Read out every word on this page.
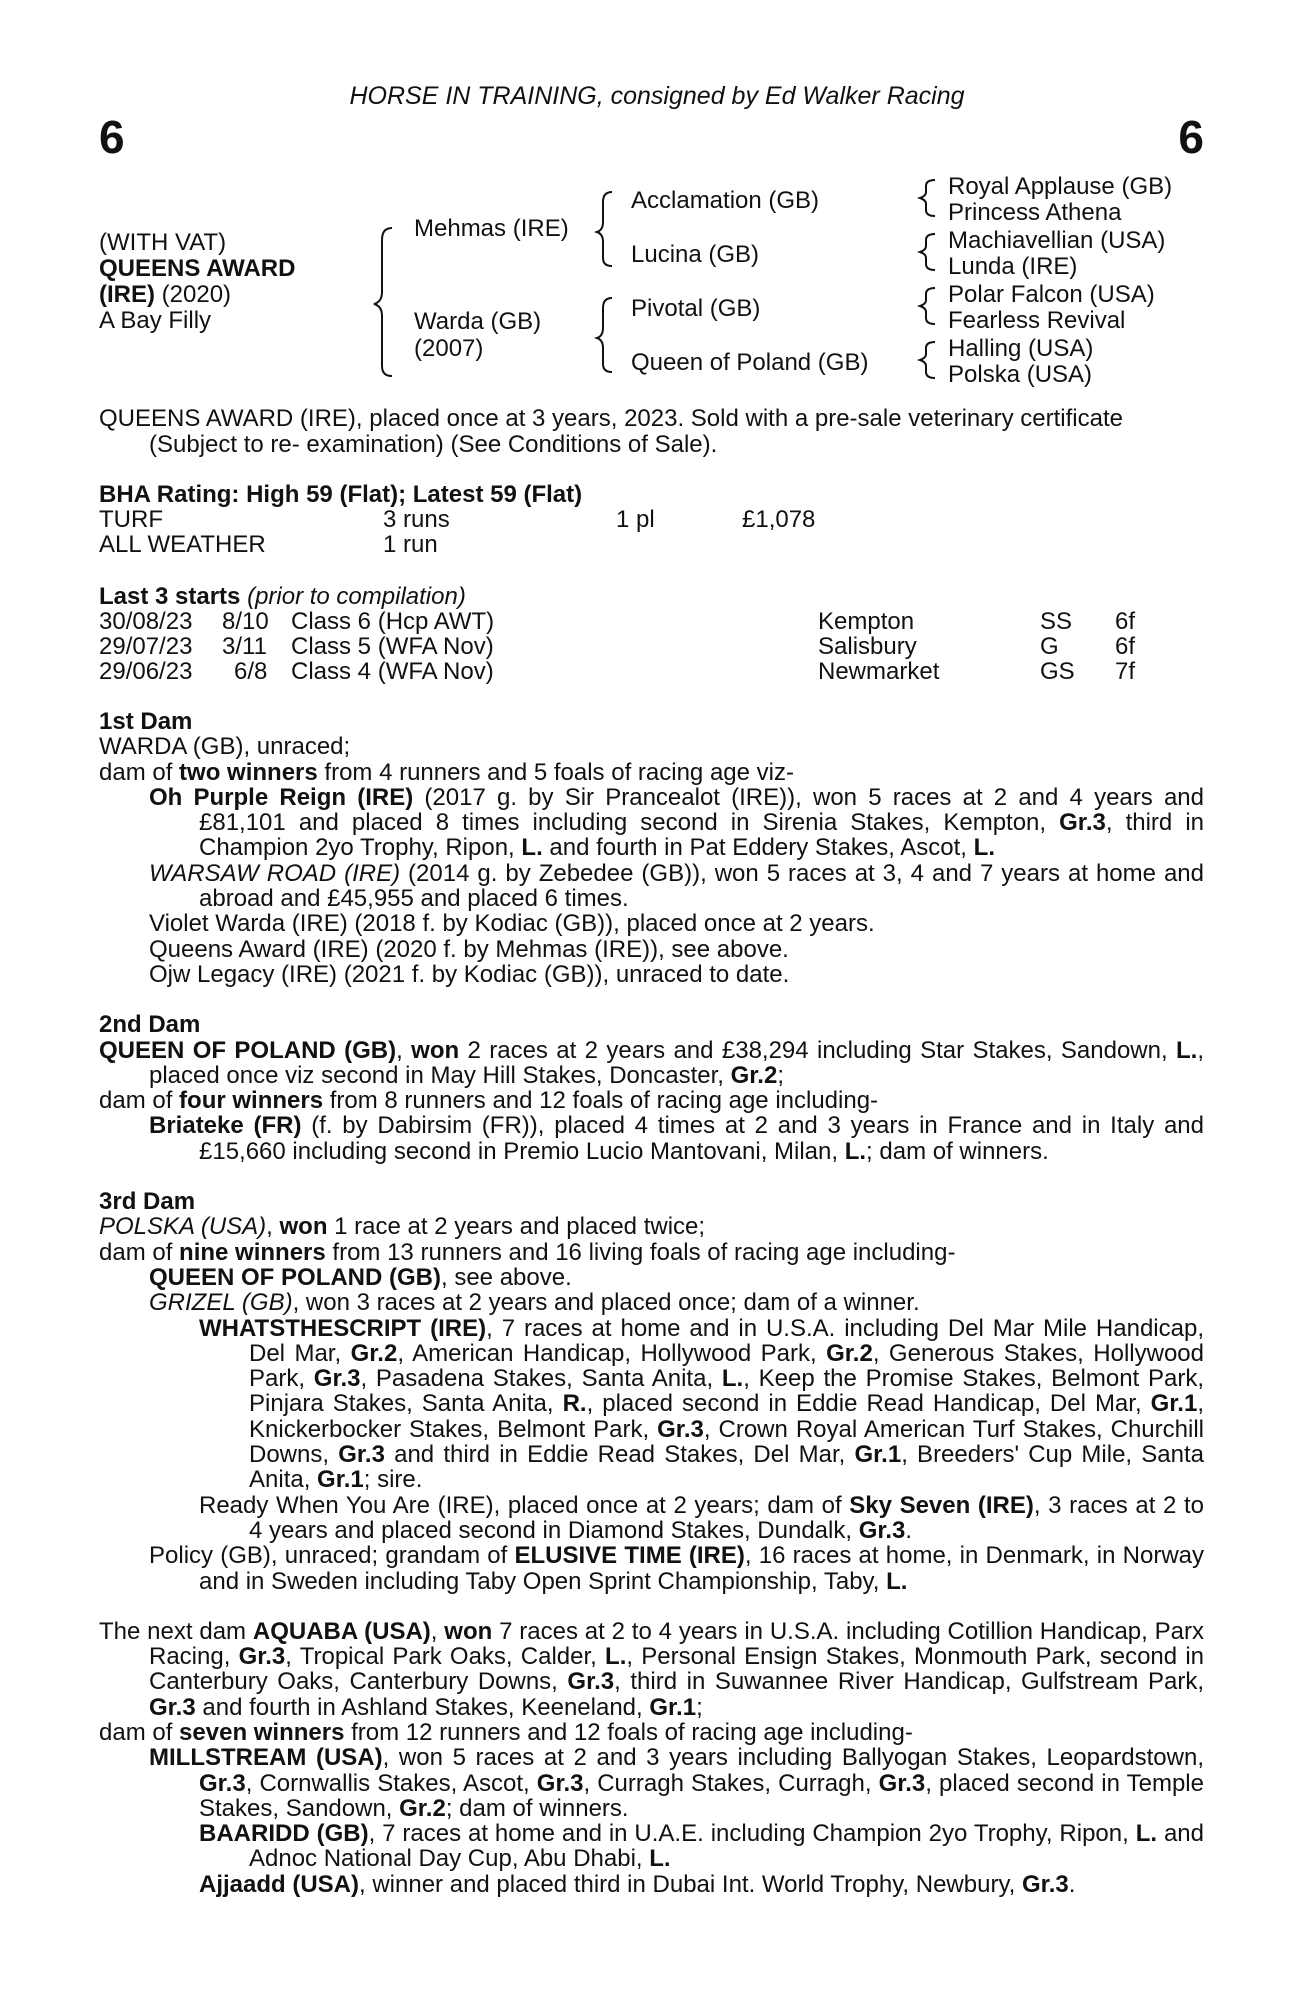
HORSE IN TRAINING, consigned by Ed Walker Racing
6	6
(WITH VAT)
QUEENS AWARD
(IRE) (2020)
A Bay Filly
Mehmas (IRE)
Warda (GB)
(2007)
Acclamation (GB)
Lucina (GB)
Pivotal (GB)
Queen of Poland (GB)
Royal Applause (GB)
Princess Athena
Machiavellian (USA)
Lunda (IRE)
Polar Falcon (USA)
Fearless Revival
Halling (USA)
Polska (USA)
QUEENS AWARD (IRE), placed once at 3 years, 2023. Sold with a pre-sale veterinary certificate
(Subject to re- examination) (See Conditions of Sale).
BHA Rating: High 59 (Flat); Latest 59 (Flat)
TURF	3 runs	1 pl	£1,078
ALL WEATHER	1 run
Last 3 starts (prior to compilation)
30/08/23 8/10 Class 6 (Hcp AWT)	Kempton	SS 6f
29/07/23 3/11 Class 5 (WFA Nov)	Salisbury	G 6f
29/06/23 6/8 Class 4 (WFA Nov)	Newmarket	GS 7f

1st Dam

WARDA (GB), unraced;

dam of two winners from 4 runners and 5 foals of racing age viz-

Oh Purple Reign (IRE) (2017 g. by Sir Prancealot (IRE)), won 5 races at 2 and 4 years and £81,101 and placed 8 times including second in Sirenia Stakes, Kempton, Gr.3, third in Champion 2yo Trophy, Ripon, L. and fourth in Pat Eddery Stakes, Ascot, L.

WARSAW ROAD (IRE) (2014 g. by Zebedee (GB)), won 5 races at 3, 4 and 7 years at home and abroad and £45,955 and placed 6 times.

Violet Warda (IRE) (2018 f. by Kodiac (GB)), placed once at 2 years.

Queens Award (IRE) (2020 f. by Mehmas (IRE)), see above.

Ojw Legacy (IRE) (2021 f. by Kodiac (GB)), unraced to date.

2nd Dam

QUEEN OF POLAND (GB), won 2 races at 2 years and £38,294 including Star Stakes, Sandown, L., placed once viz second in May Hill Stakes, Doncaster, Gr.2;

dam of four winners from 8 runners and 12 foals of racing age including-

Briateke (FR) (f. by Dabirsim (FR)), placed 4 times at 2 and 3 years in France and in Italy and £15,660 including second in Premio Lucio Mantovani, Milan, L.; dam of winners.

3rd Dam

POLSKA (USA), won 1 race at 2 years and placed twice;

dam of nine winners from 13 runners and 16 living foals of racing age including-

QUEEN OF POLAND (GB), see above.

GRIZEL (GB), won 3 races at 2 years and placed once; dam of a winner.

WHATSTHESCRIPT (IRE), 7 races at home and in U.S.A. including Del Mar Mile Handicap, Del Mar, Gr.2, American Handicap, Hollywood Park, Gr.2, Generous Stakes, Hollywood Park, Gr.3, Pasadena Stakes, Santa Anita, L., Keep the Promise Stakes, Belmont Park, Pinjara Stakes, Santa Anita, R., placed second in Eddie Read Handicap, Del Mar, Gr.1, Knickerbocker Stakes, Belmont Park, Gr.3, Crown Royal American Turf Stakes, Churchill Downs, Gr.3 and third in Eddie Read Stakes, Del Mar, Gr.1, Breeders' Cup Mile, Santa Anita, Gr.1; sire.

Ready When You Are (IRE), placed once at 2 years; dam of Sky Seven (IRE), 3 races at 2 to 4 years and placed second in Diamond Stakes, Dundalk, Gr.3.

Policy (GB), unraced; grandam of ELUSIVE TIME (IRE), 16 races at home, in Denmark, in Norway and in Sweden including Taby Open Sprint Championship, Taby, L.

The next dam AQUABA (USA), won 7 races at 2 to 4 years in U.S.A. including Cotillion Handicap, Parx Racing, Gr.3, Tropical Park Oaks, Calder, L., Personal Ensign Stakes, Monmouth Park, second in Canterbury Oaks, Canterbury Downs, Gr.3, third in Suwannee River Handicap, Gulfstream Park, Gr.3 and fourth in Ashland Stakes, Keeneland, Gr.1;

dam of seven winners from 12 runners and 12 foals of racing age including-

MILLSTREAM (USA), won 5 races at 2 and 3 years including Ballyogan Stakes, Leopardstown, Gr.3, Cornwallis Stakes, Ascot, Gr.3, Curragh Stakes, Curragh, Gr.3, placed second in Temple Stakes, Sandown, Gr.2; dam of winners.

BAARIDD (GB), 7 races at home and in U.A.E. including Champion 2yo Trophy, Ripon, L. and Adnoc National Day Cup, Abu Dhabi, L.

Ajjaadd (USA), winner and placed third in Dubai Int. World Trophy, Newbury, Gr.3.
